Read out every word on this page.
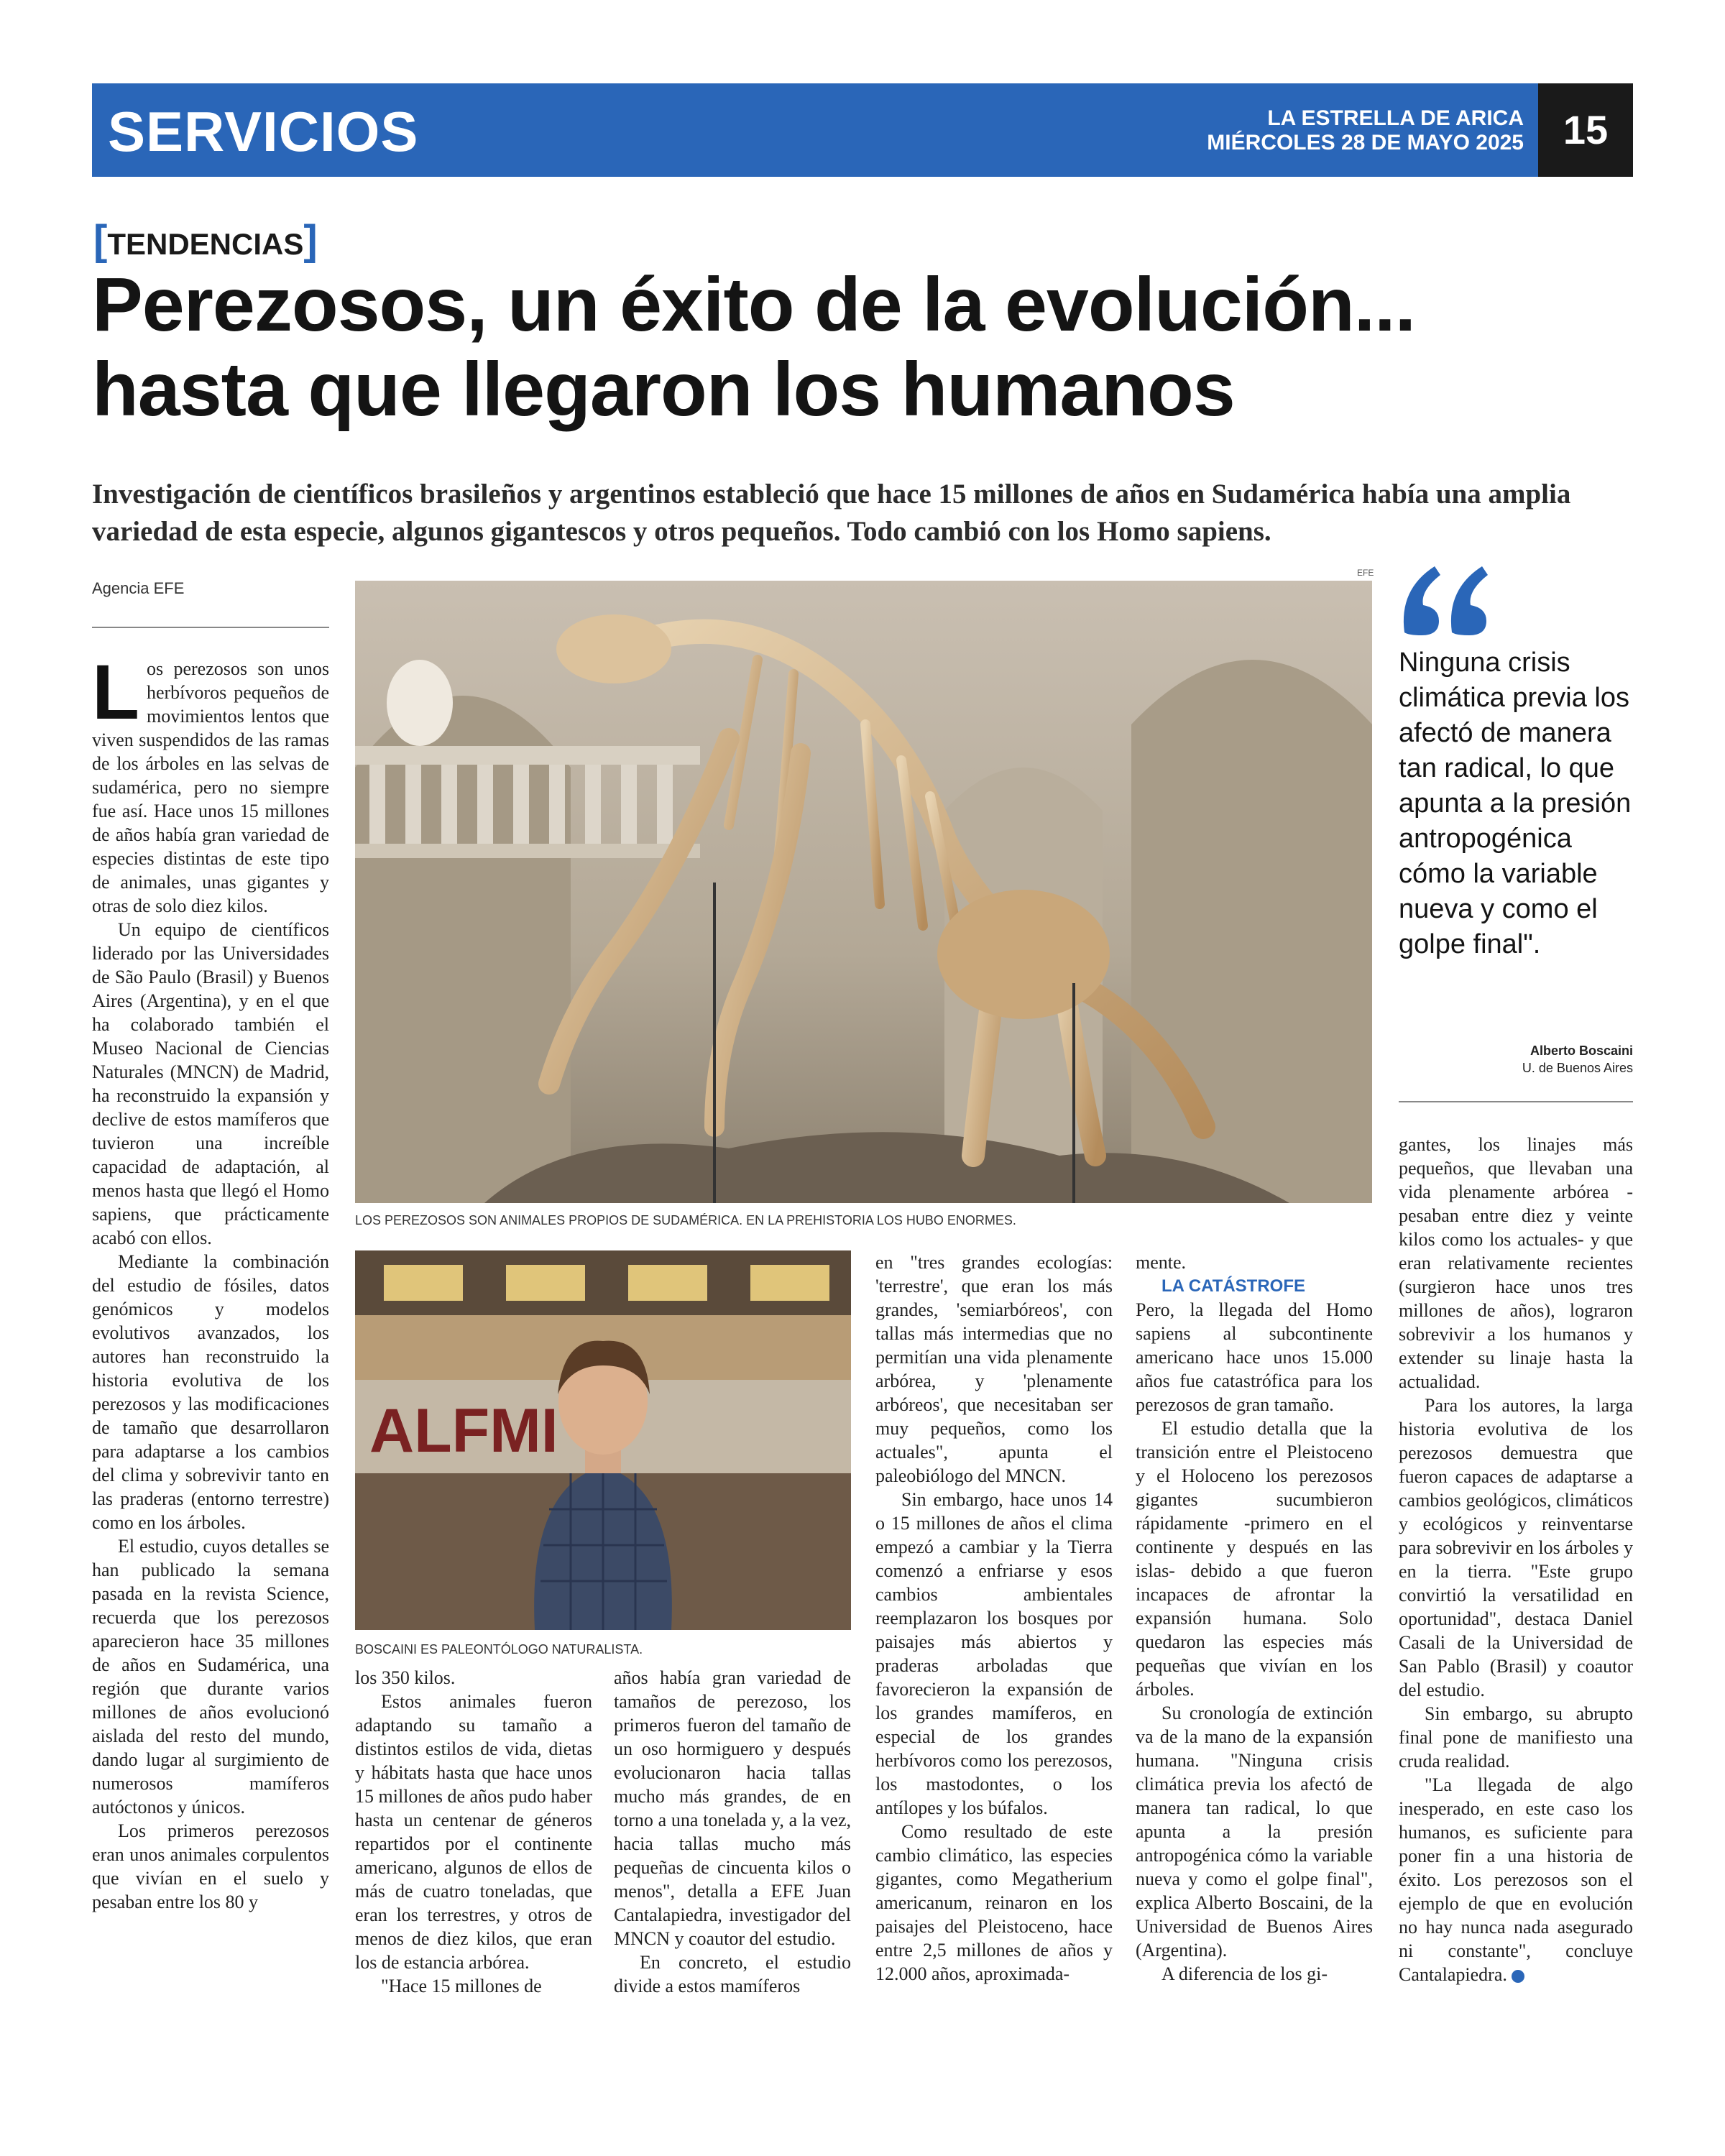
SERVICIOS	LA ESTRELLA DE ARICA
MIÉRCOLES 28 DE MAYO 2025 15
[TENDENCIAS]
Perezosos, un éxito de la evolución...
hasta que llegaron los humanos
Investigación de científicos brasileños y argentinos estableció que hace 15 millones de años en Sudamérica había una amplia variedad de esta especie, algunos gigantescos y otros pequeños. Todo cambió con los Homo sapiens.
Agencia EFE
EFE
LOS PEREZOSOS SON ANIMALES PROPIOS DE SUDAMÉRICA. EN LA PREHISTORIA LOS HUBO ENORMES.
ALFMI
BOSCAINI ES PALEONTÓLOGO NATURALISTA.

Los perezosos son unos herbívoros pequeños de movimientos lentos que viven suspendidos de las ramas de los árboles en las selvas de sudamérica, pero no siempre fue así. Hace unos 15 millones de años había gran variedad de especies distintas de este tipo de animales, unas gigantes y otras de solo diez kilos.

Un equipo de científicos liderado por las Universidades de São Paulo (Brasil) y Buenos Aires (Argentina), y en el que ha colaborado también el Museo Nacional de Ciencias Naturales (MNCN) de Madrid, ha reconstruido la expansión y declive de estos mamíferos que tuvieron una increíble capacidad de adaptación, al menos hasta que llegó el Homo sapiens, que prácticamente acabó con ellos.

Mediante la combinación del estudio de fósiles, datos genómicos y modelos evolutivos avanzados, los autores han reconstruido la historia evolutiva de los perezosos y las modificaciones de tamaño que desarrollaron para adaptarse a los cambios del clima y sobrevivir tanto en las praderas (entorno terrestre) como en los árboles.

El estudio, cuyos detalles se han publicado la semana pasada en la revista Science, recuerda que los perezosos aparecieron hace 35 millones de años en Sudamérica, una región que durante varios millones de años evolucionó aislada del resto del mundo, dando lugar al surgimiento de numerosos mamíferos autóctonos y únicos.

Los primeros perezosos eran unos animales corpulentos que vivían en el suelo y pesaban entre los 80 y

los 350 kilos.

Estos animales fueron adaptando su tamaño a distintos estilos de vida, dietas y hábitats hasta que hace unos 15 millones de años pudo haber hasta un centenar de géneros repartidos por el continente americano, algunos de ellos de más de cuatro toneladas, que eran los terrestres, y otros de menos de diez kilos, que eran los de estancia arbórea.

"Hace 15 millones de

años había gran variedad de tamaños de perezoso, los primeros fueron del tamaño de un oso hormiguero y después evolucionaron hacia tallas mucho más grandes, de en torno a una tonelada y, a la vez, hacia tallas mucho más pequeñas de cincuenta kilos o menos", detalla a EFE Juan Cantalapiedra, investigador del MNCN y coautor del estudio.

En concreto, el estudio divide a estos mamíferos

en "tres grandes ecologías: 'terrestre', que eran los más grandes, 'semiarbóreos', con tallas más intermedias que no permitían una vida plenamente arbórea, y 'plenamente arbóreos', que necesitaban ser muy pequeños, como los actuales", apunta el paleobiólogo del MNCN.

Sin embargo, hace unos 14 o 15 millones de años el clima empezó a cambiar y la Tierra comenzó a enfriarse y esos cambios ambientales reemplazaron los bosques por paisajes más abiertos y praderas arboladas que favorecieron la expansión de los grandes mamíferos, en especial de los grandes herbívoros como los perezosos, los mastodontes, o los antílopes y los búfalos.

Como resultado de este cambio climático, las especies gigantes, como Megatherium americanum, reinaron en los paisajes del Pleistoceno, hace entre 2,5 millones de años y 12.000 años, aproximada-

mente.

LA CATÁSTROFE

Pero, la llegada del Homo sapiens al subcontinente americano hace unos 15.000 años fue catastrófica para los perezosos de gran tamaño.

El estudio detalla que la transición entre el Pleistoceno y el Holoceno los perezosos gigantes sucumbieron rápidamente -primero en el continente y después en las islas- debido a que fueron incapaces de afrontar la expansión humana. Solo quedaron las especies más pequeñas que vivían en los árboles.

Su cronología de extinción va de la mano de la expansión humana. "Ninguna crisis climática previa los afectó de manera tan radical, lo que apunta a la presión antropogénica cómo la variable nueva y como el golpe final", explica Alberto Boscaini, de la Universidad de Buenos Aires (Argentina).

A diferencia de los gi-

gantes, los linajes más pequeños, que llevaban una vida plenamente arbórea -pesaban entre diez y veinte kilos como los actuales- y que eran relativamente recientes (surgieron hace unos tres millones de años), lograron sobrevivir a los humanos y extender su linaje hasta la actualidad.

Para los autores, la larga historia evolutiva de los perezosos demuestra que fueron capaces de adaptarse a cambios geológicos, climáticos y ecológicos y reinventarse para sobrevivir en los árboles y en la tierra. "Este grupo convirtió la versatilidad en oportunidad", destaca Daniel Casali de la Universidad de San Pablo (Brasil) y coautor del estudio.

Sin embargo, su abrupto final pone de manifiesto una cruda realidad.

"La llegada de algo inesperado, en este caso los humanos, es suficiente para poner fin a una historia de éxito. Los perezosos son el ejemplo de que en evolución no hay nunca nada asegurado ni constante", concluye Cantalapiedra.	✪

Ninguna crisis climática previa los afectó de manera tan radical, lo que apunta a la presión antropogénica cómo la variable nueva y como el golpe final".
Alberto Boscaini
U. de Buenos Aires
